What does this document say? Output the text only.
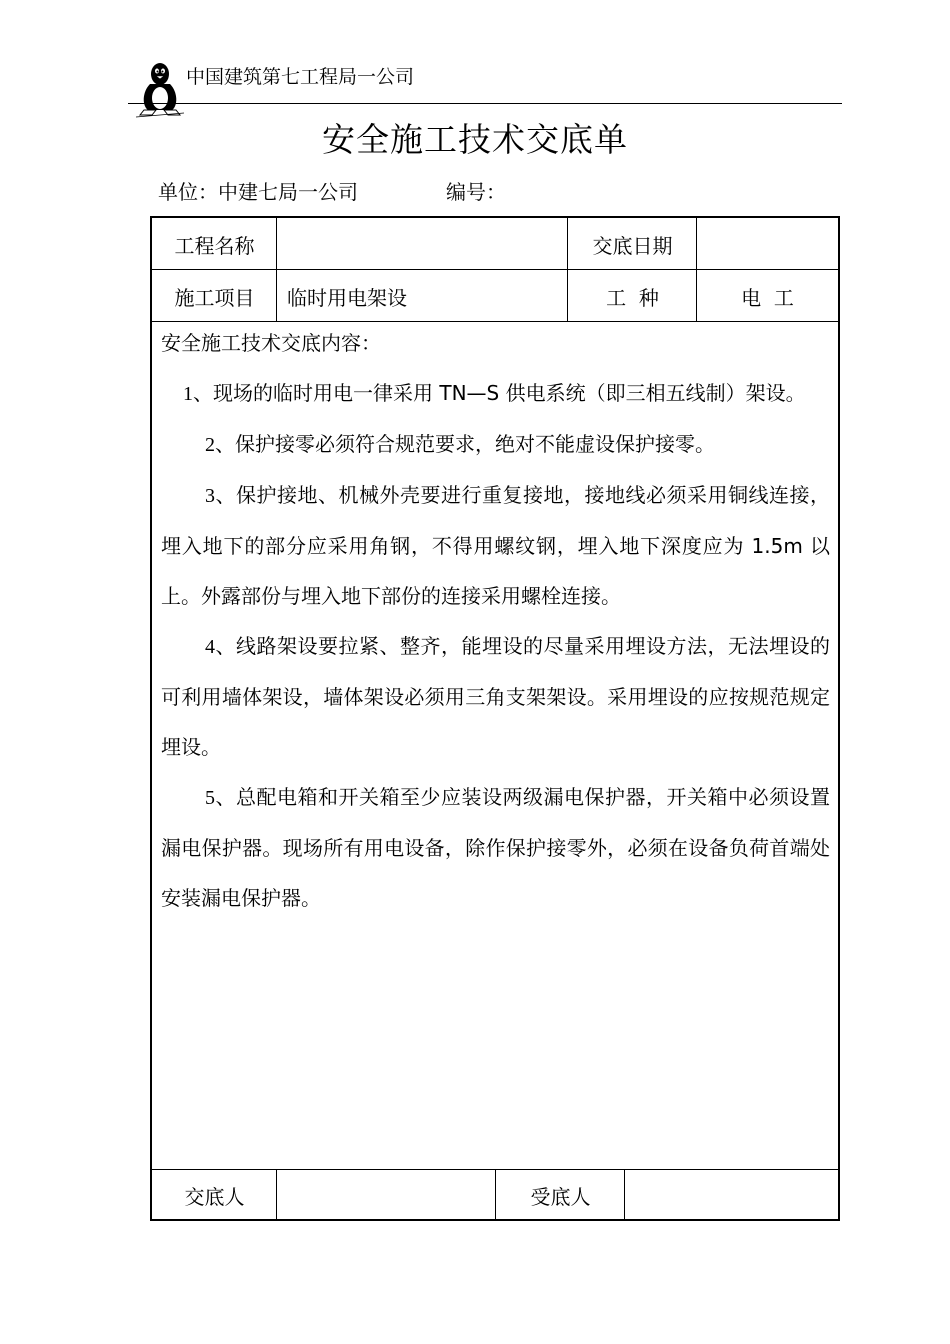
中国建筑第七工程局一公司
安全施工技术交底单
单位：中建七局一公司	编号：
工程名称	交底日期
施工项目	临时用电架设	工  种	电  工

安全施工技术交底内容：

1、现场的临时用电一律采用 TN—S 供电系统（即三相五线制）架设。

2、保护接零必须符合规范要求，绝对不能虚设保护接零。

3、保护接地、机械外壳要进行重复接地，接地线必须采用铜线连接，埋入地下的部分应采用角钢，不得用螺纹钢，埋入地下深度应为 1.5m 以上。外露部份与埋入地下部份的连接采用螺栓连接。

4、线路架设要拉紧、整齐，能埋设的尽量采用埋设方法，无法埋设的可利用墙体架设，墙体架设必须用三角支架架设。采用埋设的应按规范规定埋设。

5、总配电箱和开关箱至少应装设两级漏电保护器，开关箱中必须设置漏电保护器。现场所有用电设备，除作保护接零外，必须在设备负荷首端处安装漏电保护器。

交底人	受底人
